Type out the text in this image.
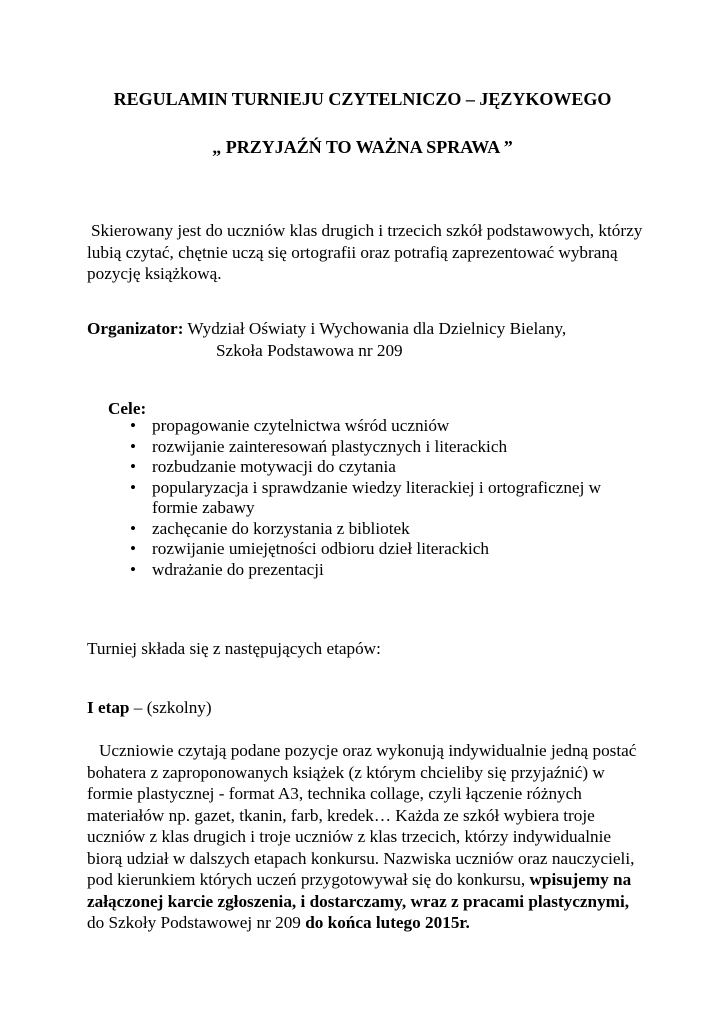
REGULAMIN TURNIEJU CZYTELNICZO – JĘZYKOWEGO
„ PRZYJAŹŃ TO WAŻNA SPRAWA ”

Skierowany jest do uczniów klas drugich i trzecich szkół podstawowych, którzy lubią czytać, chętnie uczą się ortografii oraz potrafią zaprezentować wybraną pozycję książkową.

Organizator: Wydział Oświaty i Wychowania dla Dzielnicy Bielany,
Szkoła Podstawowa nr 209

Cele:

• propagowanie czytelnictwa wśród uczniów
• rozwijanie zainteresowań plastycznych i literackich
• rozbudzanie motywacji do czytania
• popularyzacja i sprawdzanie wiedzy literackiej i ortograficznej w formie zabawy
• zachęcanie do korzystania z bibliotek
• rozwijanie umiejętności odbioru dzieł literackich
• wdrażanie do prezentacji

Turniej składa się z następujących etapów:

I etap – (szkolny)

Uczniowie czytają podane pozycje oraz wykonują indywidualnie jedną postać bohatera z zaproponowanych książek (z którym chcieliby się przyjaźnić) w formie plastycznej - format A3, technika collage, czyli łączenie różnych materiałów np. gazet, tkanin, farb, kredek… Każda ze szkół wybiera troje uczniów z klas drugich i troje uczniów z klas trzecich, którzy indywidualnie biorą udział w dalszych etapach konkursu. Nazwiska uczniów oraz nauczycieli, pod kierunkiem których uczeń przygotowywał się do konkursu, wpisujemy na załączonej karcie zgłoszenia, i dostarczamy, wraz z pracami plastycznymi, do Szkoły Podstawowej nr 209 do końca lutego 2015r.
